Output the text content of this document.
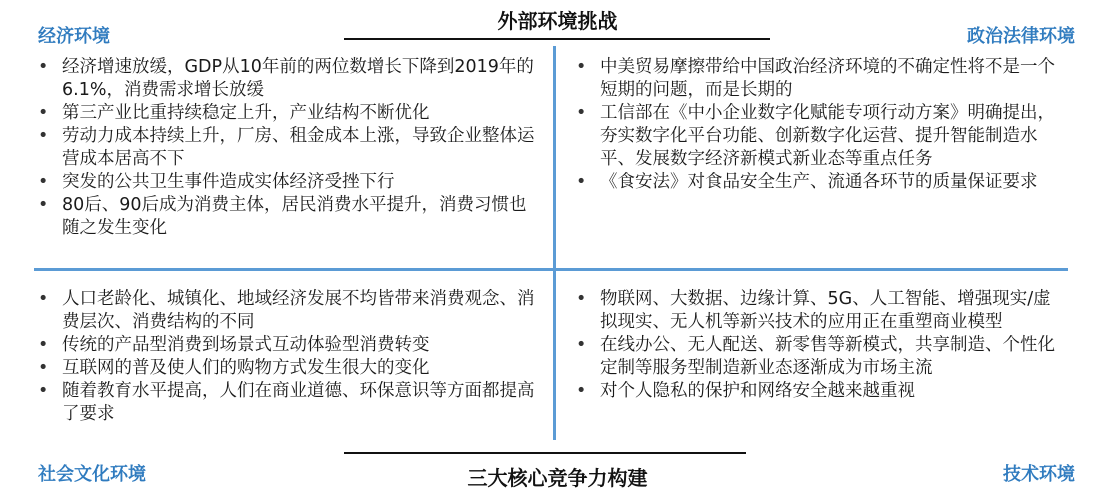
外部环境挑战
经济环境	政治法律环境
• 经济增速放缓，GDP从10年前的两位数增长下降到2019年的6.1%，消费需求增长放缓
• 第三产业比重持续稳定上升，产业结构不断优化
• 劳动力成本持续上升，厂房、租金成本上涨，导致企业整体运营成本居高不下
• 突发的公共卫生事件造成实体经济受挫下行
• 80后、90后成为消费主体，居民消费水平提升，消费习惯也随之发生变化
• 中美贸易摩擦带给中国政治经济环境的不确定性将不是一个短期的问题，而是长期的
• 工信部在《中小企业数字化赋能专项行动方案》明确提出，夯实数字化平台功能、创新数字化运营、提升智能制造水平、发展数字经济新模式新业态等重点任务
• 《食安法》对食品安全生产、流通各环节的质量保证要求
• 人口老龄化、城镇化、地域经济发展不均皆带来消费观念、消费层次、消费结构的不同
• 传统的产品型消费到场景式互动体验型消费转变
• 互联网的普及使人们的购物方式发生很大的变化
• 随着教育水平提高，人们在商业道德、环保意识等方面都提高了要求
• 物联网、大数据、边缘计算、5G、人工智能、增强现实/虚拟现实、无人机等新兴技术的应用正在重塑商业模型
• 在线办公、无人配送、新零售等新模式，共享制造、个性化定制等服务型制造新业态逐渐成为市场主流
• 对个人隐私的保护和网络安全越来越重视
社会文化环境	技术环境
三大核心竞争力构建
